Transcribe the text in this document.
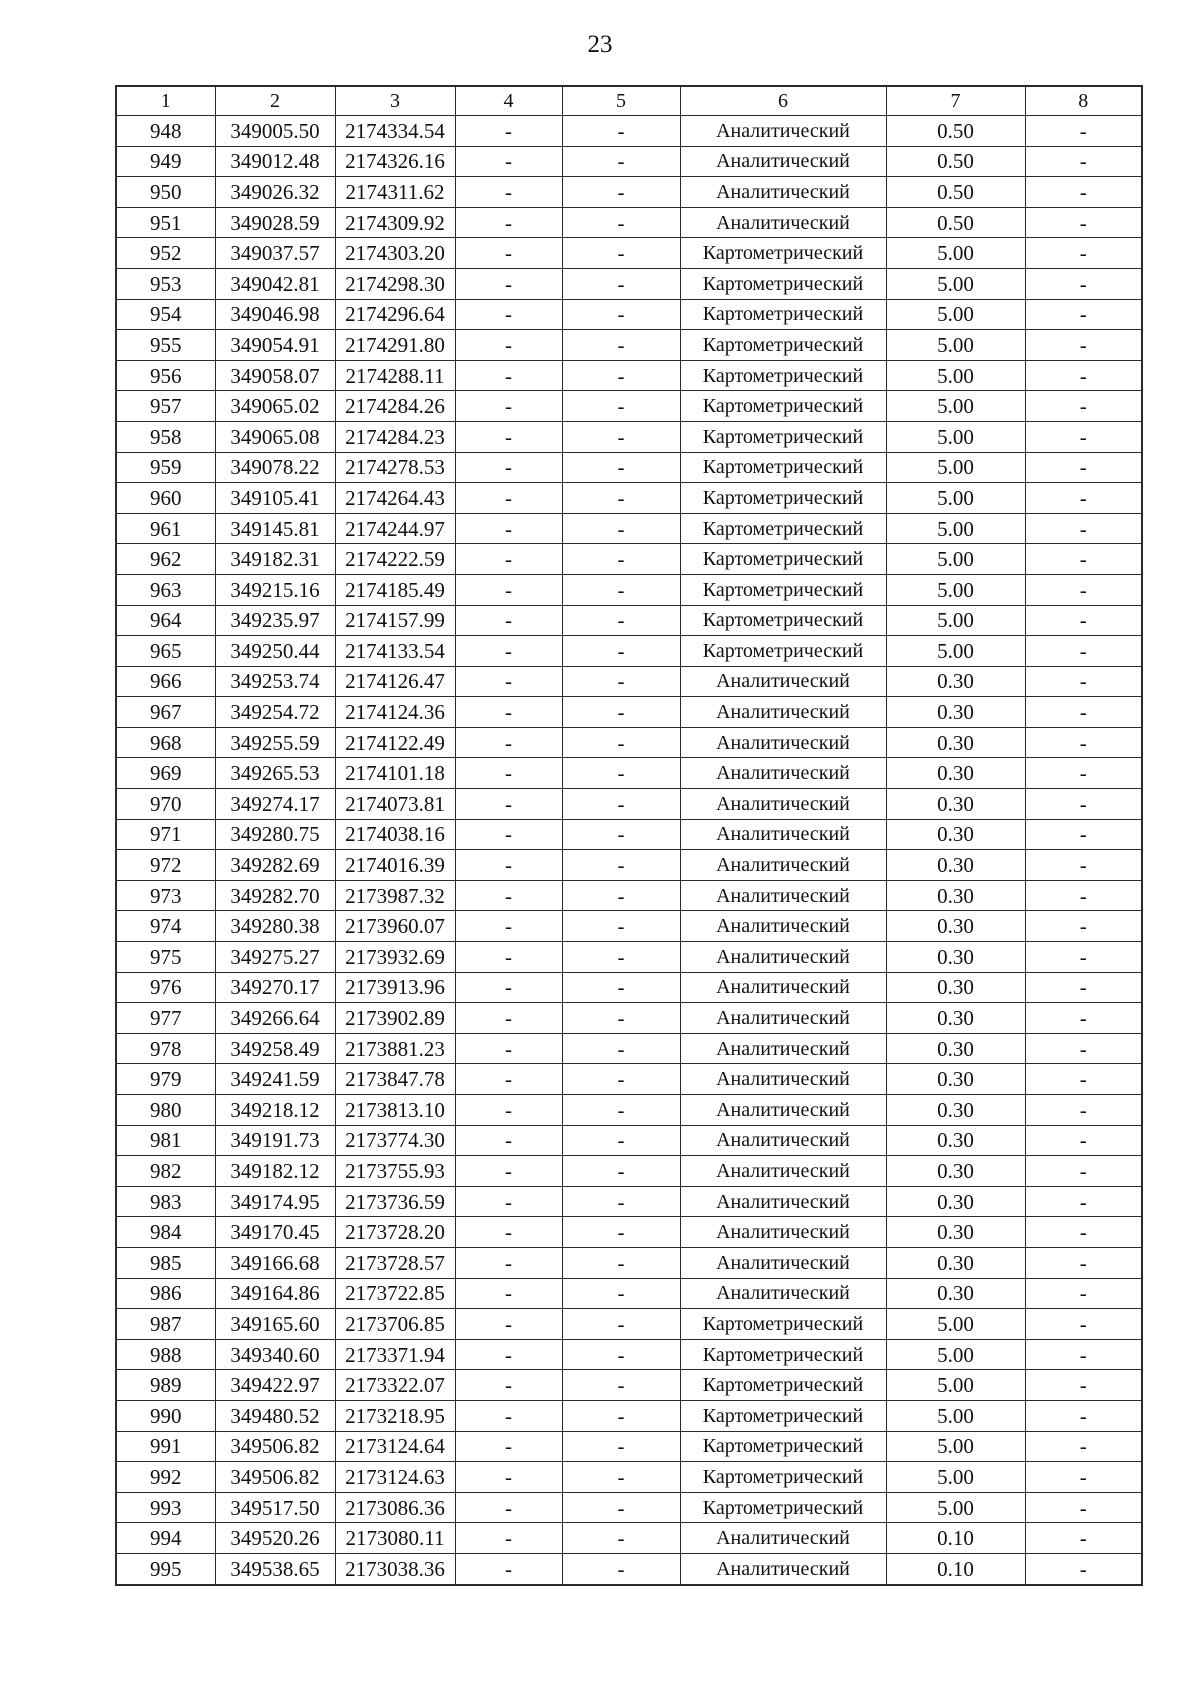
23
1	2	3	4	5	6	7	8
948	349005.50	2174334.54	-	-	Аналитический	0.50	-
949	349012.48	2174326.16	-	-	Аналитический	0.50	-
950	349026.32	2174311.62	-	-	Аналитический	0.50	-
951	349028.59	2174309.92	-	-	Аналитический	0.50	-
952	349037.57	2174303.20	-	-	Картометрический	5.00	-
953	349042.81	2174298.30	-	-	Картометрический	5.00	-
954	349046.98	2174296.64	-	-	Картометрический	5.00	-
955	349054.91	2174291.80	-	-	Картометрический	5.00	-
956	349058.07	2174288.11	-	-	Картометрический	5.00	-
957	349065.02	2174284.26	-	-	Картометрический	5.00	-
958	349065.08	2174284.23	-	-	Картометрический	5.00	-
959	349078.22	2174278.53	-	-	Картометрический	5.00	-
960	349105.41	2174264.43	-	-	Картометрический	5.00	-
961	349145.81	2174244.97	-	-	Картометрический	5.00	-
962	349182.31	2174222.59	-	-	Картометрический	5.00	-
963	349215.16	2174185.49	-	-	Картометрический	5.00	-
964	349235.97	2174157.99	-	-	Картометрический	5.00	-
965	349250.44	2174133.54	-	-	Картометрический	5.00	-
966	349253.74	2174126.47	-	-	Аналитический	0.30	-
967	349254.72	2174124.36	-	-	Аналитический	0.30	-
968	349255.59	2174122.49	-	-	Аналитический	0.30	-
969	349265.53	2174101.18	-	-	Аналитический	0.30	-
970	349274.17	2174073.81	-	-	Аналитический	0.30	-
971	349280.75	2174038.16	-	-	Аналитический	0.30	-
972	349282.69	2174016.39	-	-	Аналитический	0.30	-
973	349282.70	2173987.32	-	-	Аналитический	0.30	-
974	349280.38	2173960.07	-	-	Аналитический	0.30	-
975	349275.27	2173932.69	-	-	Аналитический	0.30	-
976	349270.17	2173913.96	-	-	Аналитический	0.30	-
977	349266.64	2173902.89	-	-	Аналитический	0.30	-
978	349258.49	2173881.23	-	-	Аналитический	0.30	-
979	349241.59	2173847.78	-	-	Аналитический	0.30	-
980	349218.12	2173813.10	-	-	Аналитический	0.30	-
981	349191.73	2173774.30	-	-	Аналитический	0.30	-
982	349182.12	2173755.93	-	-	Аналитический	0.30	-
983	349174.95	2173736.59	-	-	Аналитический	0.30	-
984	349170.45	2173728.20	-	-	Аналитический	0.30	-
985	349166.68	2173728.57	-	-	Аналитический	0.30	-
986	349164.86	2173722.85	-	-	Аналитический	0.30	-
987	349165.60	2173706.85	-	-	Картометрический	5.00	-
988	349340.60	2173371.94	-	-	Картометрический	5.00	-
989	349422.97	2173322.07	-	-	Картометрический	5.00	-
990	349480.52	2173218.95	-	-	Картометрический	5.00	-
991	349506.82	2173124.64	-	-	Картометрический	5.00	-
992	349506.82	2173124.63	-	-	Картометрический	5.00	-
993	349517.50	2173086.36	-	-	Картометрический	5.00	-
994	349520.26	2173080.11	-	-	Аналитический	0.10	-
995	349538.65	2173038.36	-	-	Аналитический	0.10	-
